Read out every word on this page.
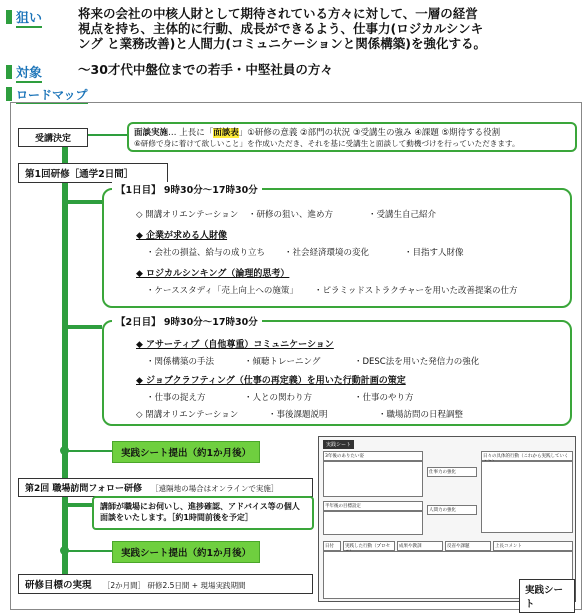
狙い	将来の会社の中核人財として期待されている方々に対して、一層の経営
視点を持ち、主体的に行動、成長ができるよう、仕事力(ロジカルシンキ
ング と業務改善)と人間力(コミュニケーションと関係構築)を強化する。
対象	～30才代中盤位までの若手・中堅社員の方々
ロードマップ
受講決定
面談実施… 上長に「面談表」①研修の意義 ②部門の状況 ③受講生の強み ④課題 ⑤期待する役割
⑥研修で身に着けて欲しいこと」を作成いただき、それを基に受講生と面談して動機づけを行っていただきます。
第1回研修［通学2日間］
【1日目】 9時30分～17時30分
◇ 開講オリエンテーション ・研修の狙い、進め方	・受講生自己紹介
◆ 企業が求める人財像
・会社の損益、給与の成り立ち ・社会経済環境の変化	・目指す人財像
◆ ロジカルシンキング（論理的思考）
・ケーススタディ「売上向上への施策」 ・ピラミッドストラクチャーを用いた改善提案の仕方
【2日目】 9時30分～17時30分
◆ アサーティブ（自他尊重）コミュニケーション
・関係構築の手法	・傾聴トレーニング	・DESC法を用いた発信力の強化
◆ ジョブクラフティング（仕事の再定義）を用いた行動計画の策定
・仕事の捉え方	・人との関わり方	・仕事のやり方
◇ 閉講オリエンテーション	・事後課題説明	・職場訪問の日程調整
実践シート提出（約1か月後）
第2回 職場訪問フォロー研修 ［遠隔地の場合はオンラインで実施］
講師が職場にお伺いし、進捗確認、アドバイス等の個人
面談をいたします。［約1時間前後を予定］
実践シート提出（約1か月後）
研修目標の実現 ［2か月間］ 研修2.5日間 + 現場実践期間
実践シート
3年後のありたい姿
仕事力の強化
日々の具体的行動（これから実践していく
半年後の目標設定
人間力の強化
日付	実践した行動（プロセ	成果や教訓	反省や課題	上長コメント
実践シート
